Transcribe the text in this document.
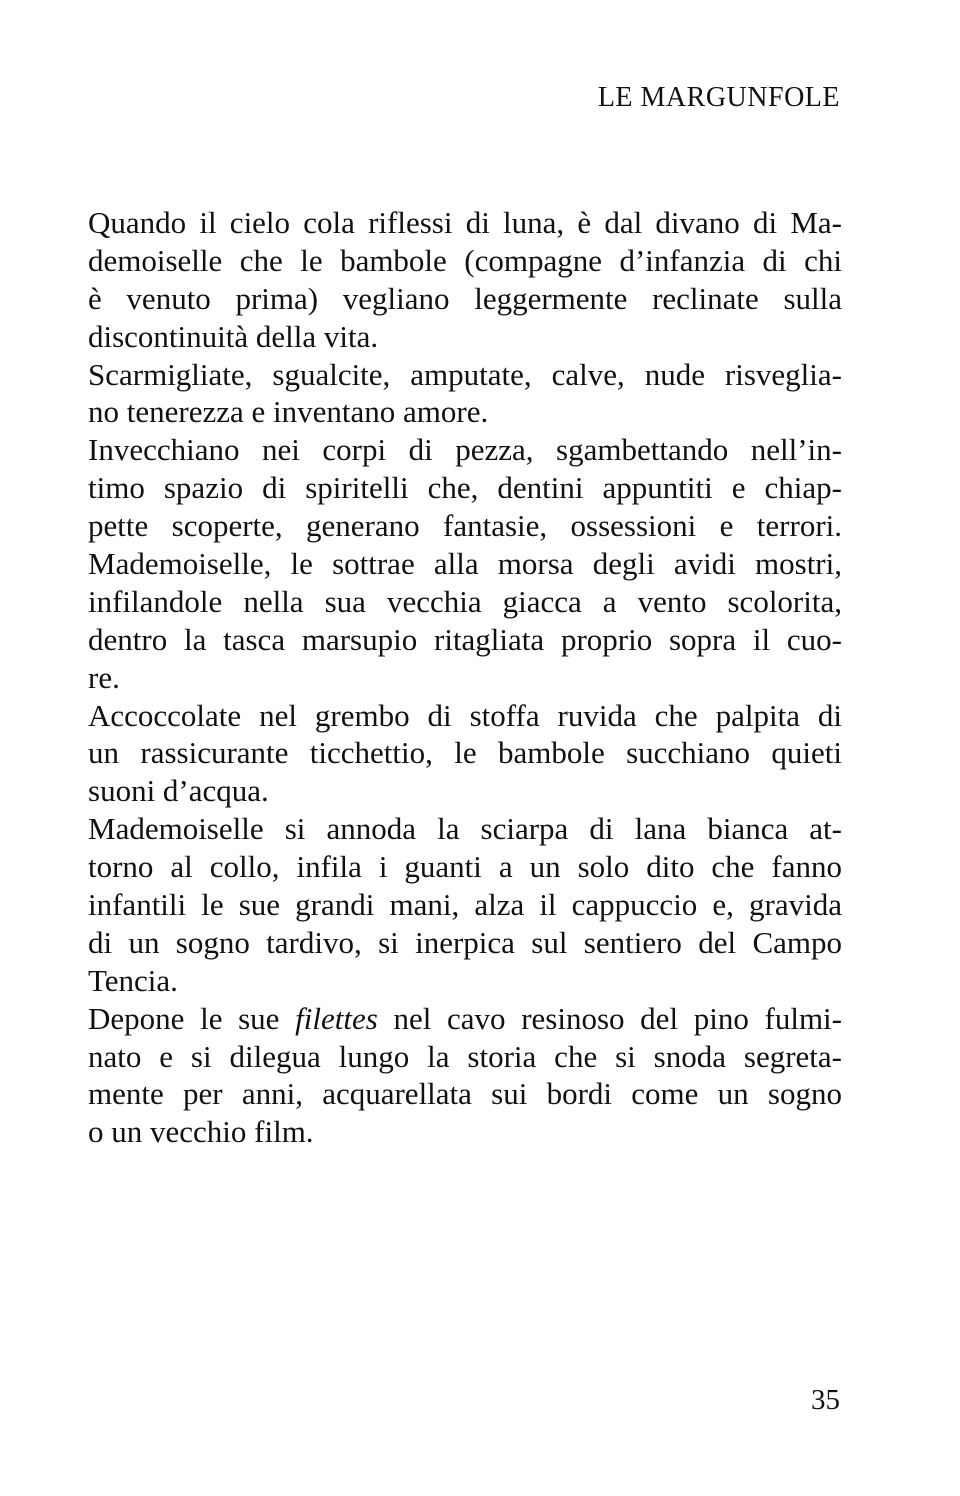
LE MARGUNFOLE
Quando il cielo cola riflessi di luna, è dal divano di Ma-
demoiselle che le bambole (compagne d’infanzia di chi
è venuto prima) vegliano leggermente reclinate sulla
discontinuità della vita.
Scarmigliate, sgualcite, amputate, calve, nude risveglia-
no tenerezza e inventano amore.
Invecchiano nei corpi di pezza, sgambettando nell’in-
timo spazio di spiritelli che, dentini appuntiti e chiap-
pette scoperte, generano fantasie, ossessioni e terrori.
Mademoiselle, le sottrae alla morsa degli avidi mostri,
infilandole nella sua vecchia giacca a vento scolorita,
dentro la tasca marsupio ritagliata proprio sopra il cuo-
re.
Accoccolate nel grembo di stoffa ruvida che palpita di
un rassicurante ticchettio, le bambole succhiano quieti
suoni d’acqua.
Mademoiselle si annoda la sciarpa di lana bianca at-
torno al collo, infila i guanti a un solo dito che fanno
infantili le sue grandi mani, alza il cappuccio e, gravida
di un sogno tardivo, si inerpica sul sentiero del Campo
Tencia.
Depone le sue filettes nel cavo resinoso del pino fulmi-
nato e si dilegua lungo la storia che si snoda segreta-
mente per anni, acquarellata sui bordi come un sogno
o un vecchio film.
35
